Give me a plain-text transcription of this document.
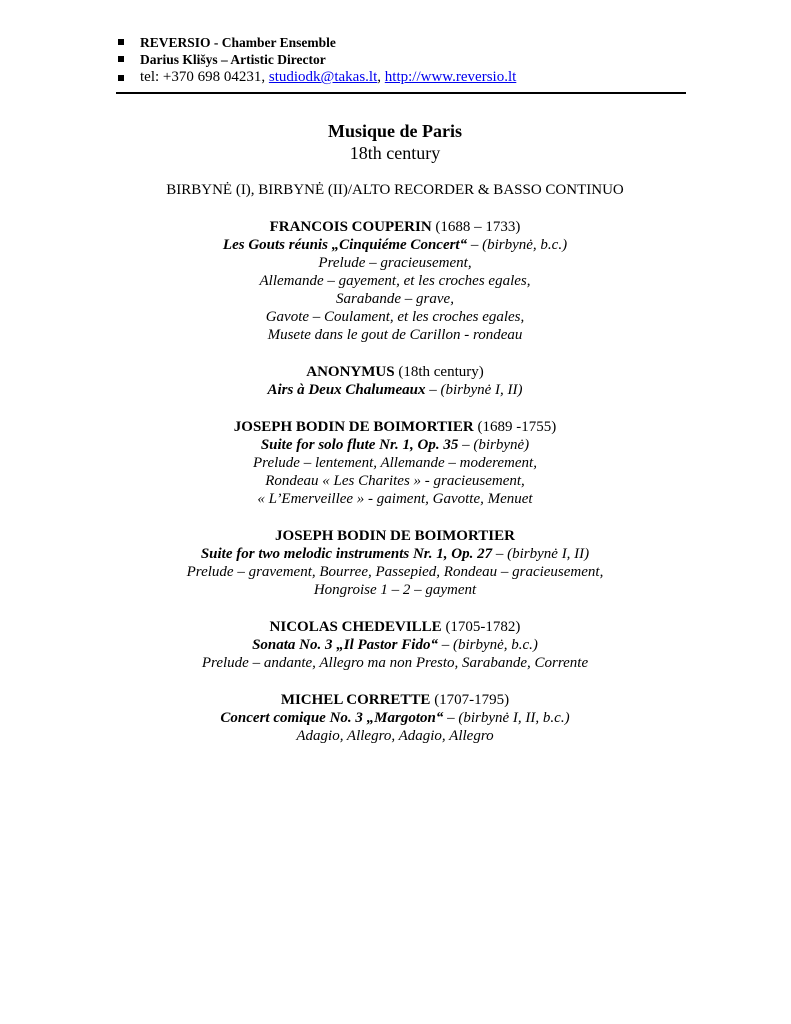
REVERSIO - Chamber Ensemble
Darius Klišys – Artistic Director
tel: +370 698 04231, studiodk@takas.lt, http://www.reversio.lt

Musique de Paris

18th century

BIRBYNĖ (I), BIRBYNĖ (II)/ALTO RECORDER & BASSO CONTINUO

FRANCOIS COUPERIN (1688 – 1733)

Les Gouts réunis „Cinquiéme Concert“ – (birbynė, b.c.)

Prelude – gracieusement,

Allemande – gayement, et les croches egales,

Sarabande – grave,

Gavote – Coulament, et les croches egales,

Musete dans le gout de Carillon - rondeau

ANONYMUS (18th century)

Airs à Deux Chalumeaux – (birbynė I, II)

JOSEPH BODIN DE BOIMORTIER (1689 -1755)

Suite for solo flute Nr. 1, Op. 35 – (birbynė)

Prelude – lentement, Allemande – moderement,

Rondeau « Les Charites » - gracieusement,

« L’Emerveillee » - gaiment, Gavotte, Menuet

JOSEPH BODIN DE BOIMORTIER

Suite for two melodic instruments Nr. 1, Op. 27 – (birbynė I, II)

Prelude – gravement, Bourree, Passepied, Rondeau – gracieusement,

Hongroise 1 – 2 – gayment

NICOLAS CHEDEVILLE (1705-1782)

Sonata No. 3 „Il Pastor Fido“ – (birbynė, b.c.)

Prelude – andante, Allegro ma non Presto, Sarabande, Corrente

MICHEL CORRETTE (1707-1795)

Concert comique No. 3 „Margoton“ – (birbynė I, II, b.c.)

Adagio, Allegro, Adagio, Allegro
